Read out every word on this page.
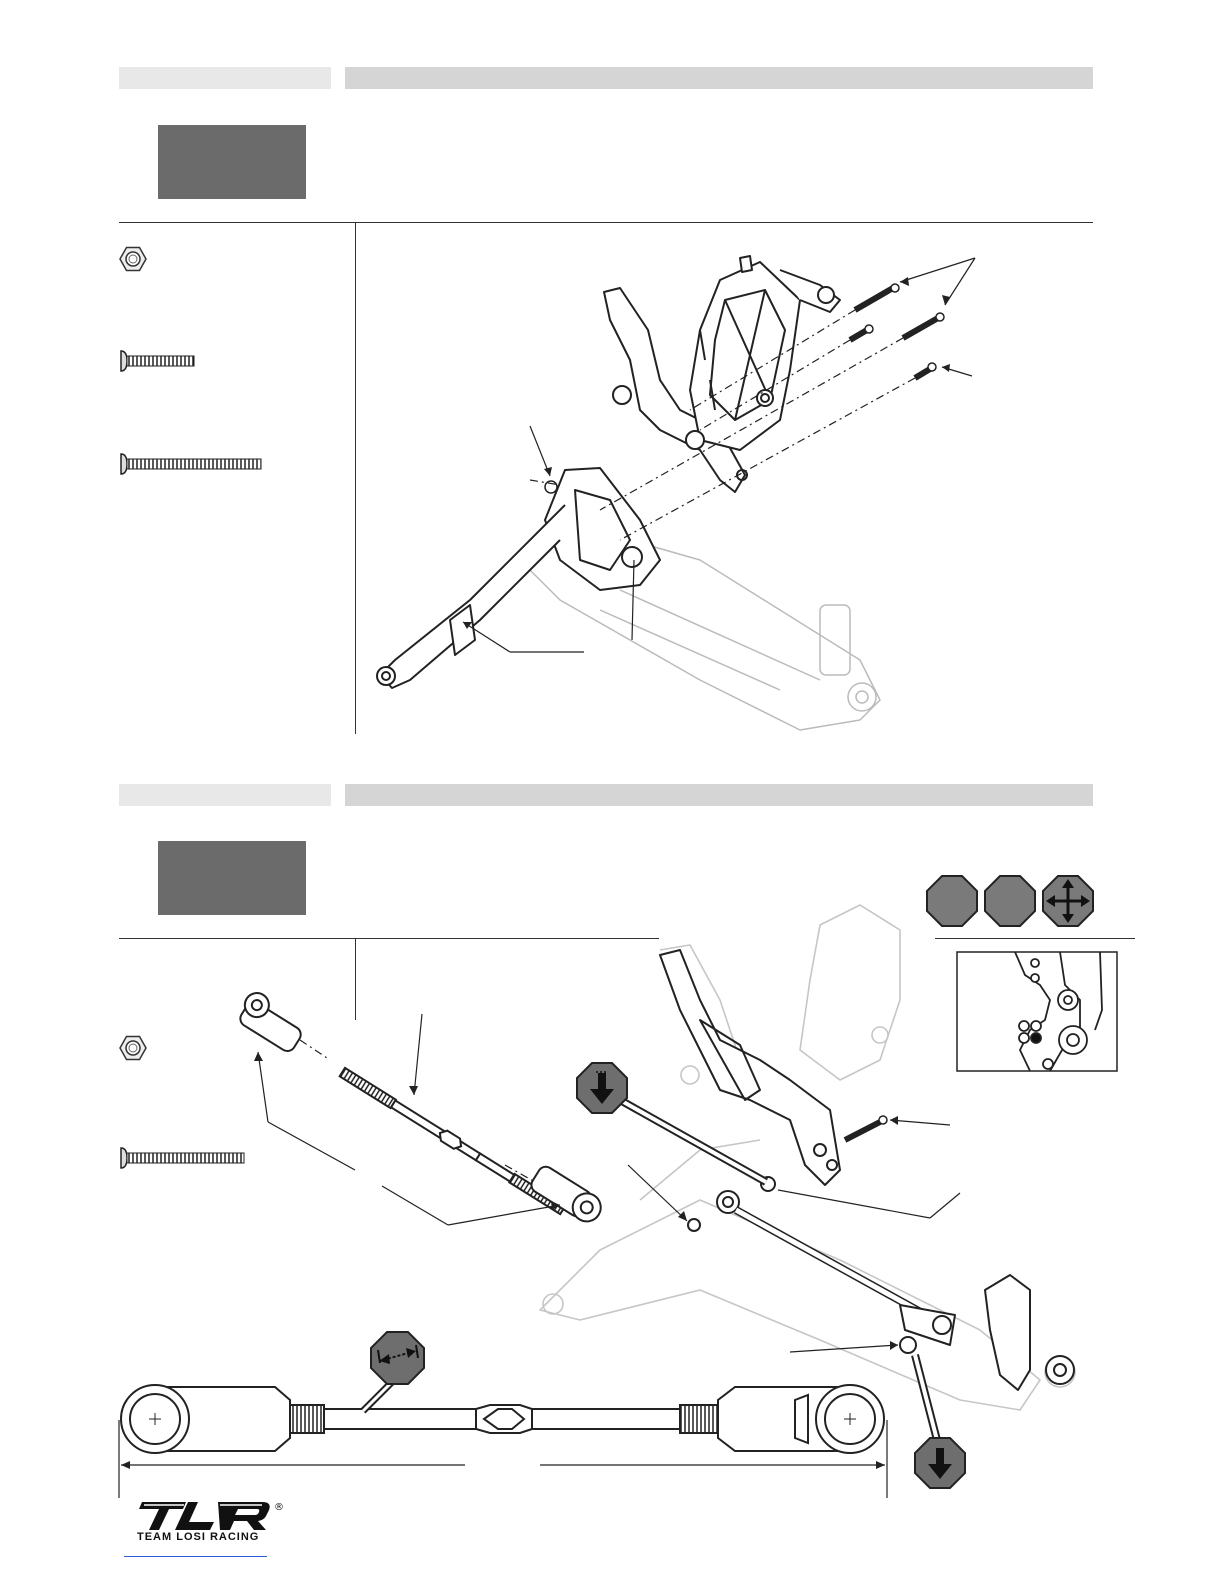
®
TEAM LOSI RACING
